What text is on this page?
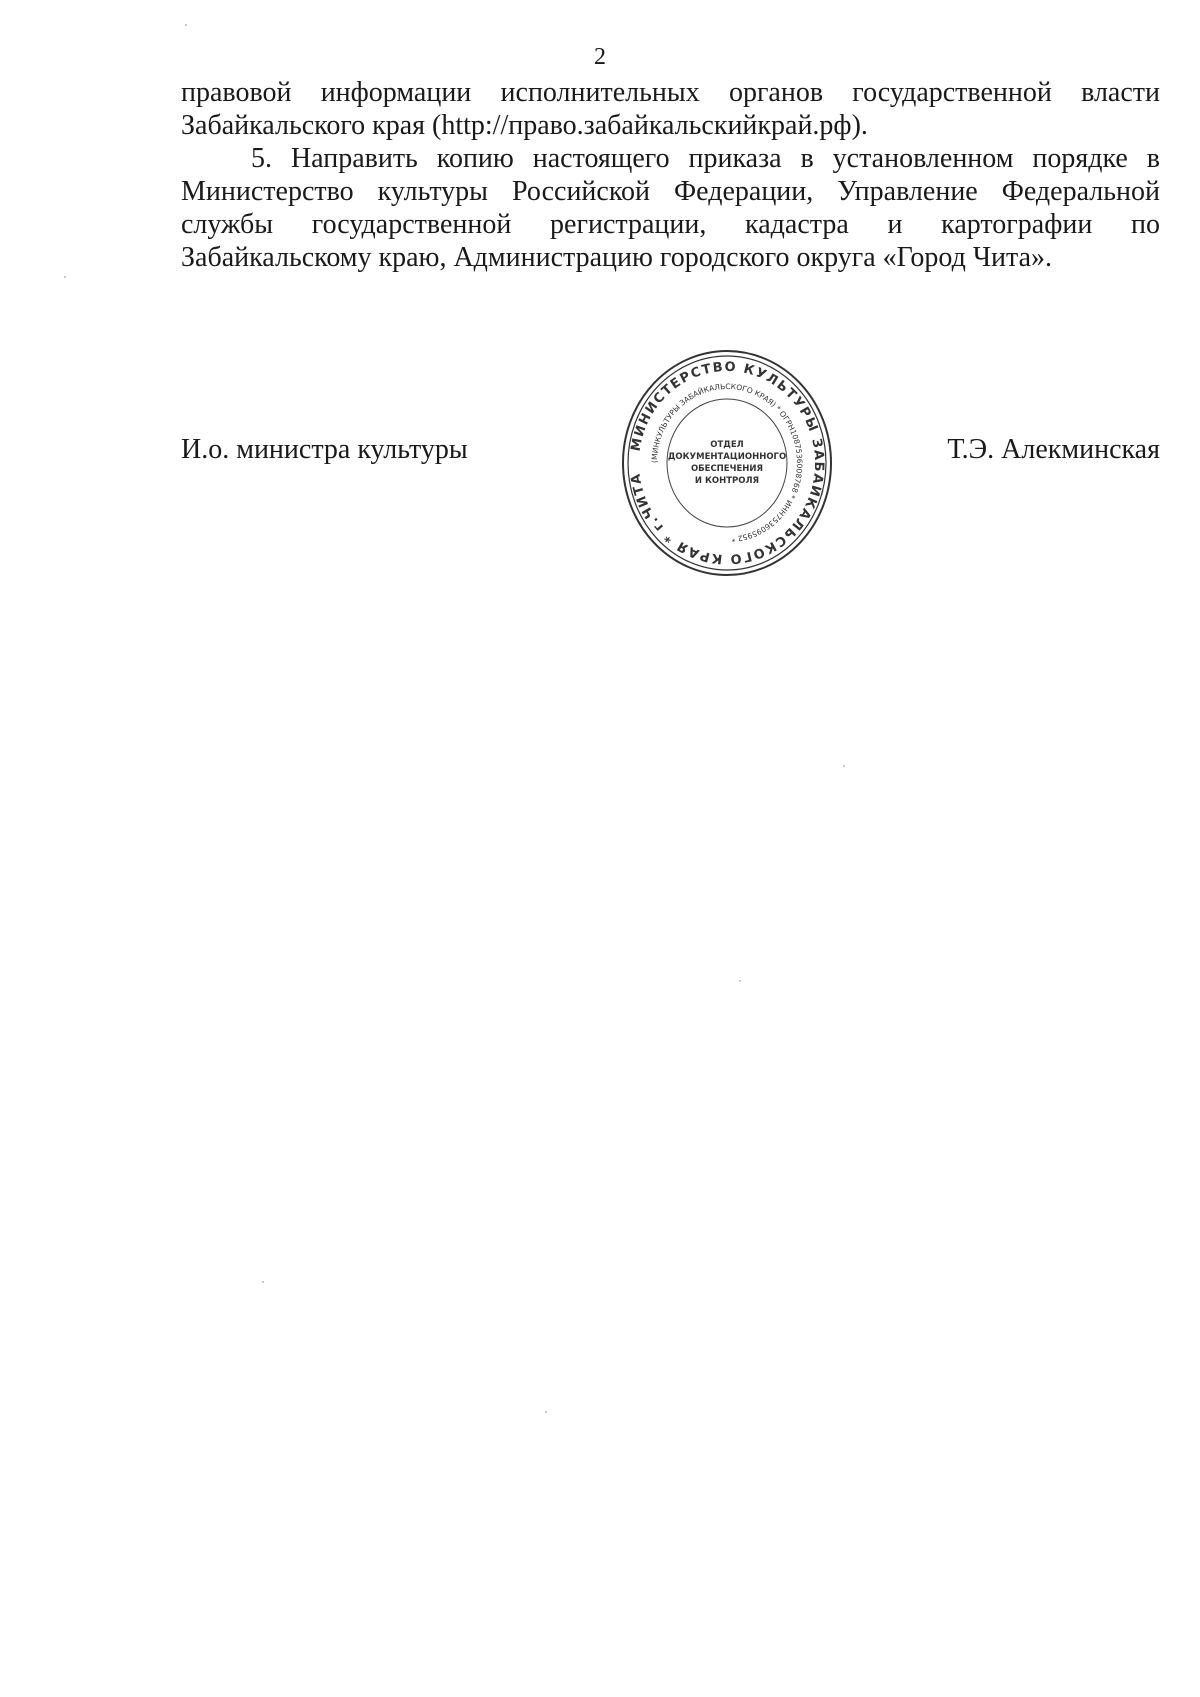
2

правовой информации исполнительных органов государственной власти Забайкальского края (http://право.забайкальскийкрай.рф).

5. Направить копию настоящего приказа в установленном порядке в Министерство культуры Российской Федерации, Управление Федеральной службы государственной регистрации, кадастра и картографии по Забайкальскому краю, Администрацию городского округа «Город Чита».

И.о. министра культуры	Т.Э. Алекминская
МИНИСТЕРСТВО КУЛЬТУРЫ ЗАБАЙКАЛЬСКОГО КРАЯ * г.ЧИТА
(МИНКУЛЬТУРЫ ЗАБАЙКАЛЬСКОГО КРАЯ) * ОГРН1087536008768 * ИНН7536095952 *
ОТДЕЛ
ДОКУМЕНТАЦИОННОГО
ОБЕСПЕЧЕНИЯ
И КОНТРОЛЯ
